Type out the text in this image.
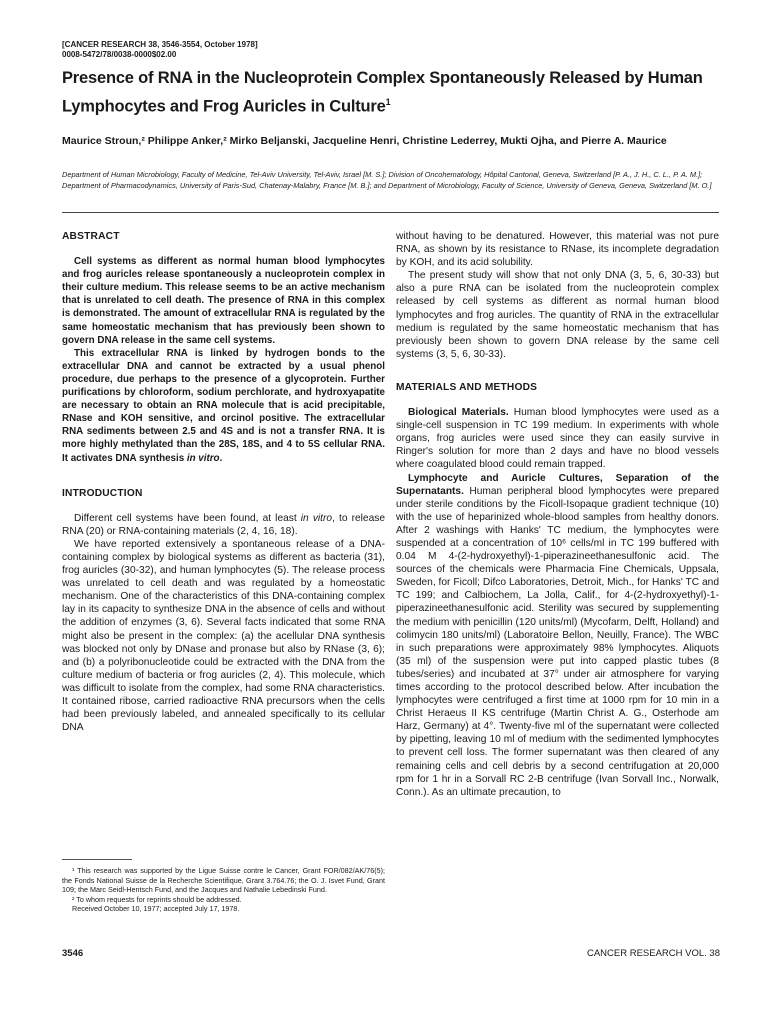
[CANCER RESEARCH 38, 3546-3554, October 1978]
0008-5472/78/0038-0000$02.00
Presence of RNA in the Nucleoprotein Complex Spontaneously Released by Human Lymphocytes and Frog Auricles in Culture$^1$
Maurice Stroun,² Philippe Anker,² Mirko Beljanski, Jacqueline Henri, Christine Lederrey, Mukti Ojha, and Pierre A. Maurice
Department of Human Microbiology, Faculty of Medicine, Tel-Aviv University, Tel-Aviv, Israel [M. S.]; Division of Oncohematology, Hôpital Cantonal, Geneva, Switzerland [P. A., J. H., C. L., P. A. M.]; Department of Pharmacodynamics, University of Paris-Sud, Chatenay-Malabry, France [M. B.]; and Department of Microbiology, Faculty of Science, University of Geneva, Geneva, Switzerland [M. O.]
ABSTRACT

Cell systems as different as normal human blood lymphocytes and frog auricles release spontaneously a nucleoprotein complex in their culture medium. This release seems to be an active mechanism that is unrelated to cell death. The presence of RNA in this complex is demonstrated. The amount of extracellular RNA is regulated by the same homeostatic mechanism that has previously been shown to govern DNA release in the same cell systems.

This extracellular RNA is linked by hydrogen bonds to the extracellular DNA and cannot be extracted by a usual phenol procedure, due perhaps to the presence of a glycoprotein. Further purifications by chloroform, sodium perchlorate, and hydroxyapatite are necessary to obtain an RNA molecule that is acid precipitable, RNase and KOH sensitive, and orcinol positive. The extracellular RNA sediments between 2.5 and 4S and is not a transfer RNA. It is more highly methylated than the 28S, 18S, and 4 to 5S cellular RNA. It activates DNA synthesis in vitro.

INTRODUCTION

Different cell systems have been found, at least in vitro, to release RNA (20) or RNA-containing materials (2, 4, 16, 18).

We have reported extensively a spontaneous release of a DNA-containing complex by biological systems as different as bacteria (31), frog auricles (30-32), and human lymphocytes (5). The release process was unrelated to cell death and was regulated by a homeostatic mechanism. One of the characteristics of this DNA-containing complex lay in its capacity to synthesize DNA in the absence of cells and without the addition of enzymes (3, 6). Several facts indicated that some RNA might also be present in the complex: (a) the acellular DNA synthesis was blocked not only by DNase and pronase but also by RNase (3, 6); and (b) a polyribonucleotide could be extracted with the DNA from the culture medium of bacteria or frog auricles (2, 4). This molecule, which was difficult to isolate from the complex, had some RNA characteristics. It contained ribose, carried radioactive RNA precursors when the cells had been previously labeled, and annealed specifically to its cellular DNA

¹ This research was supported by the Ligue Suisse contre le Cancer, Grant FOR/082/AK/76(5); the Fonds National Suisse de la Recherche Scientifique, Grant 3.764.76; the O. J. Isvet Fund, Grant 109; the Marc Seidl-Hentsch Fund, and the Jacques and Nathalie Lebedinski Fund.

² To whom requests for reprints should be addressed.

Received October 10, 1977; accepted July 17, 1978.

without having to be denatured. However, this material was not pure RNA, as shown by its resistance to RNase, its incomplete degradation by KOH, and its acid solubility.

The present study will show that not only DNA (3, 5, 6, 30-33) but also a pure RNA can be isolated from the nucleoprotein complex released by cell systems as different as normal human blood lymphocytes and frog auricles. The quantity of RNA in the extracellular medium is regulated by the same homeostatic mechanism that has previously been shown to govern DNA release by the same cell systems (3, 5, 6, 30-33).

MATERIALS AND METHODS

Biological Materials. Human blood lymphocytes were used as a single-cell suspension in TC 199 medium. In experiments with whole organs, frog auricles were used since they can easily survive in Ringer's solution for more than 2 days and have no blood vessels where coagulated blood could remain trapped.

Lymphocyte and Auricle Cultures, Separation of the Supernatants. Human peripheral blood lymphocytes were prepared under sterile conditions by the Ficoll-Isopaque gradient technique (10) with the use of heparinized whole-blood samples from healthy donors. After 2 washings with Hanks' TC medium, the lymphocytes were suspended at a concentration of 10⁶ cells/ml in TC 199 buffered with 0.04 M 4-(2-hydroxyethyl)-1-piperazineethanesulfonic acid. The sources of the chemicals were Pharmacia Fine Chemicals, Uppsala, Sweden, for Ficoll; Difco Laboratories, Detroit, Mich., for Hanks' TC and TC 199; and Calbiochem, La Jolla, Calif., for 4-(2-hydroxyethyl)-1-piperazineethanesulfonic acid. Sterility was secured by supplementing the medium with penicillin (120 units/ml) (Mycofarm, Delft, Holland) and colimycin 180 units/ml) (Laboratoire Bellon, Neuilly, France). The WBC in such preparations were approximately 98% lymphocytes. Aliquots (35 ml) of the suspension were put into capped plastic tubes (8 tubes/series) and incubated at 37° under air atmosphere for varying times according to the protocol described below. After incubation the lymphocytes were centrifuged a first time at 1000 rpm for 10 min in a Christ Heraeus II KS centrifuge (Martin Christ A. G., Osterhode am Harz, Germany) at 4°. Twenty-five ml of the supernatant were collected by pipetting, leaving 10 ml of medium with the sedimented lymphocytes to prevent cell loss. The former supernatant was then cleared of any remaining cells and cell debris by a second centrifugation at 20,000 rpm for 1 hr in a Sorvall RC 2-B centrifuge (Ivan Sorvall Inc., Norwalk, Conn.). As an ultimate precaution, to

3546	CANCER RESEARCH VOL. 38
